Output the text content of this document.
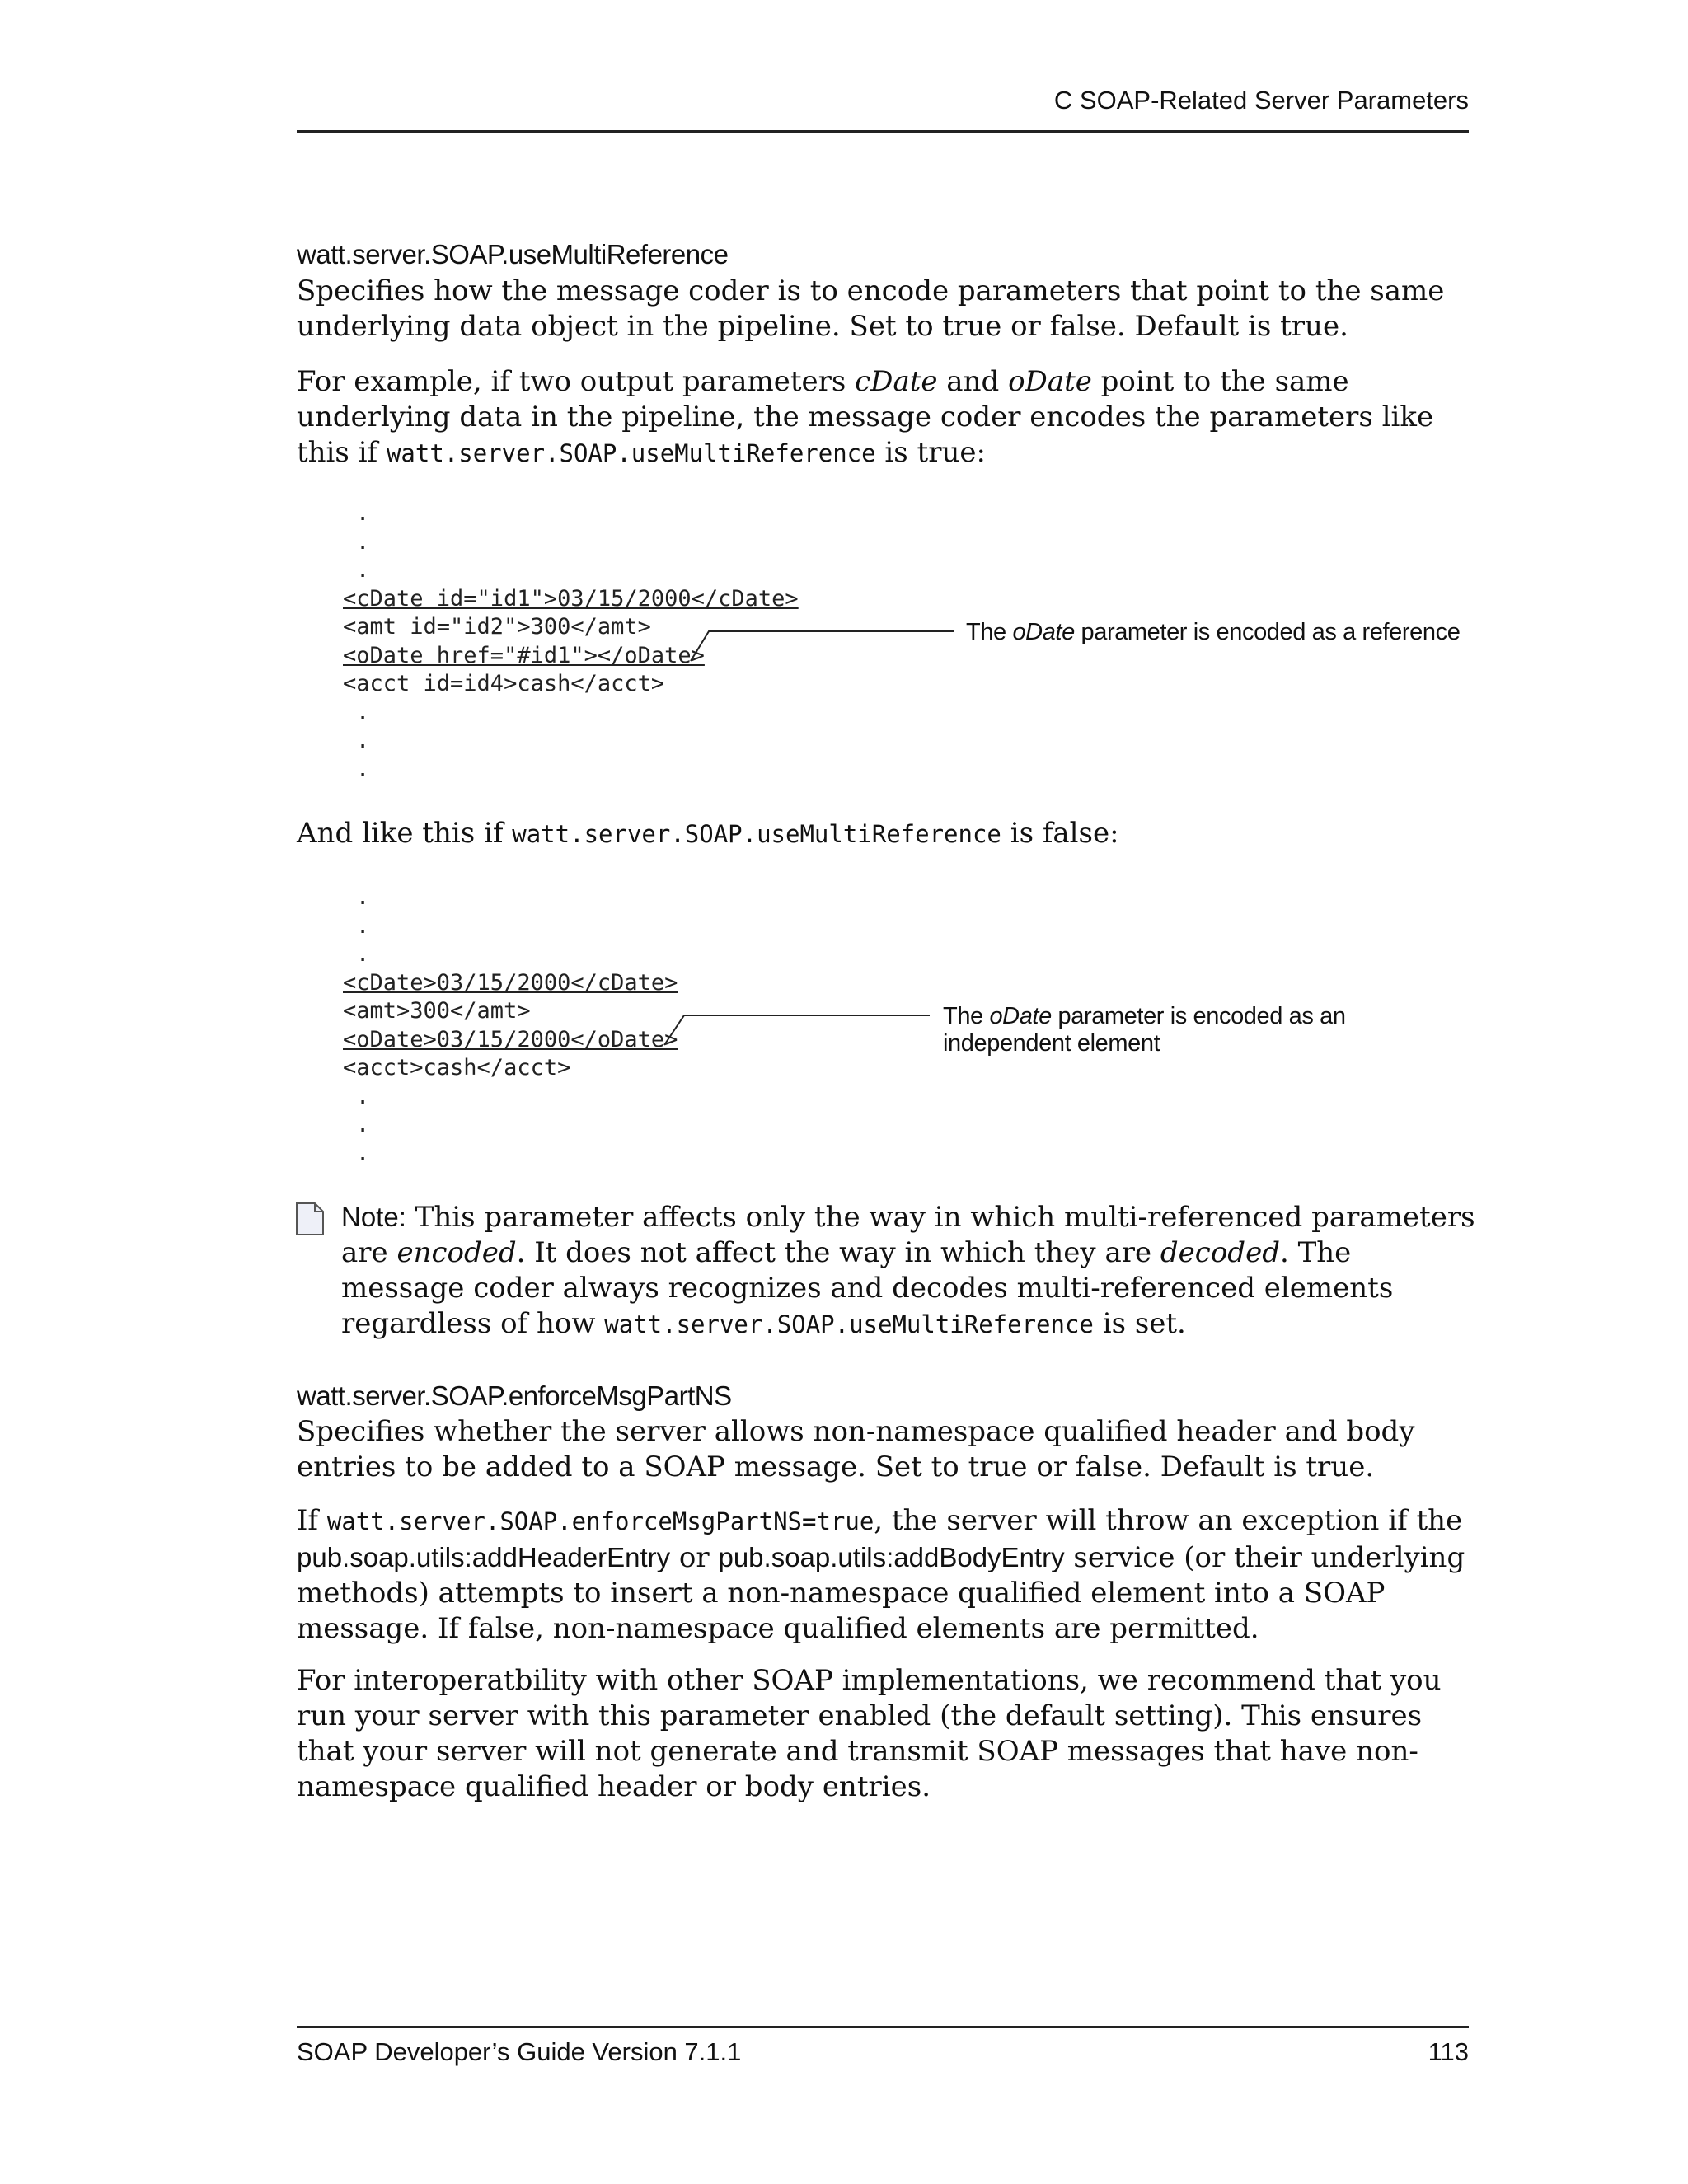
C SOAP-Related Server Parameters
watt.server.SOAP.useMultiReference

Specifies how the message coder is to encode parameters that point to the same underlying data object in the pipeline. Set to true or false. Default is true.

For example, if two output parameters cDate and oDate point to the same underlying data in the pipeline, the message coder encodes the parameters like this if watt.server.SOAP.useMultiReference is true:

.
.
.
<cDate id="id1">03/15/2000</cDate>
<amt id="id2">300</amt>
<oDate href="#id1"></oDate>
<acct id=id4>cash</acct>
.
.
.
The oDate parameter is encoded as a reference

And like this if watt.server.SOAP.useMultiReference is false:

.
.
.
<cDate>03/15/2000</cDate>
<amt>300</amt>
<oDate>03/15/2000</oDate>
<acct>cash</acct>
.
.
.
The oDate parameter is encoded as an
independent element

Note: This parameter affects only the way in which multi-referenced parameters are encoded. It does not affect the way in which they are decoded. The message coder always recognizes and decodes multi-referenced elements regardless of how watt.server.SOAP.useMultiReference is set.

watt.server.SOAP.enforceMsgPartNS

Specifies whether the server allows non-namespace qualified header and body entries to be added to a SOAP message. Set to true or false. Default is true.

If watt.server.SOAP.enforceMsgPartNS=true, the server will throw an exception if the pub.soap.utils:addHeaderEntry or pub.soap.utils:addBodyEntry service (or their underlying methods) attempts to insert a non-namespace qualified element into a SOAP message. If false, non-namespace qualified elements are permitted.

For interoperatbility with other SOAP implementations, we recommend that you run your server with this parameter enabled (the default setting). This ensures that your server will not generate and transmit SOAP messages that have non-namespace qualified header or body entries.

SOAP Developer’s Guide Version 7.1.1	113
